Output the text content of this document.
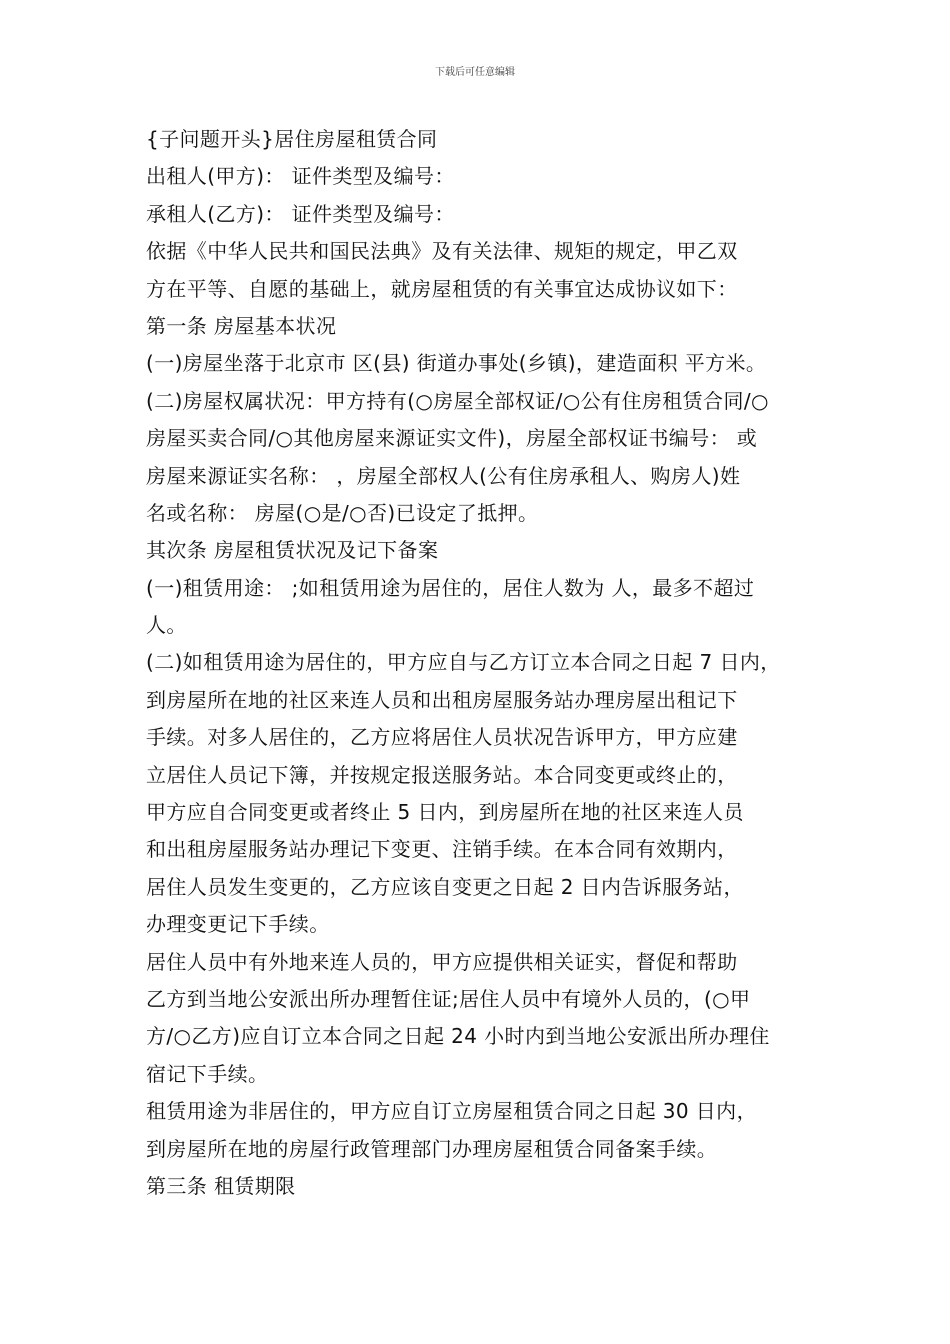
下载后可任意编辑
{子问题开头}居住房屋租赁合同
出租人(甲方)： 证件类型及编号：
承租人(乙方)： 证件类型及编号：
依据《中华人民共和国民法典》及有关法律、规矩的规定，甲乙双
方在平等、自愿的基础上，就房屋租赁的有关事宜达成协议如下：
第一条 房屋基本状况
(一)房屋坐落于北京市 区(县) 街道办事处(乡镇)，建造面积 平方米。
(二)房屋权属状况：甲方持有(○房屋全部权证/○公有住房租赁合同/○
房屋买卖合同/○其他房屋来源证实文件)，房屋全部权证书编号： 或
房屋来源证实名称： ，房屋全部权人(公有住房承租人、购房人)姓
名或名称： 房屋(○是/○否)已设定了抵押。
其次条 房屋租赁状况及记下备案
(一)租赁用途： ;如租赁用途为居住的，居住人数为 人，最多不超过
人。
(二)如租赁用途为居住的，甲方应自与乙方订立本合同之日起 7 日内，
到房屋所在地的社区来连人员和出租房屋服务站办理房屋出租记下
手续。对多人居住的，乙方应将居住人员状况告诉甲方，甲方应建
立居住人员记下簿，并按规定报送服务站。本合同变更或终止的，
甲方应自合同变更或者终止 5 日内，到房屋所在地的社区来连人员
和出租房屋服务站办理记下变更、注销手续。在本合同有效期内，
居住人员发生变更的，乙方应该自变更之日起 2 日内告诉服务站，
办理变更记下手续。
居住人员中有外地来连人员的，甲方应提供相关证实，督促和帮助
乙方到当地公安派出所办理暂住证;居住人员中有境外人员的，(○甲
方/○乙方)应自订立本合同之日起 24 小时内到当地公安派出所办理住
宿记下手续。
租赁用途为非居住的，甲方应自订立房屋租赁合同之日起 30 日内，
到房屋所在地的房屋行政管理部门办理房屋租赁合同备案手续。
第三条 租赁期限
